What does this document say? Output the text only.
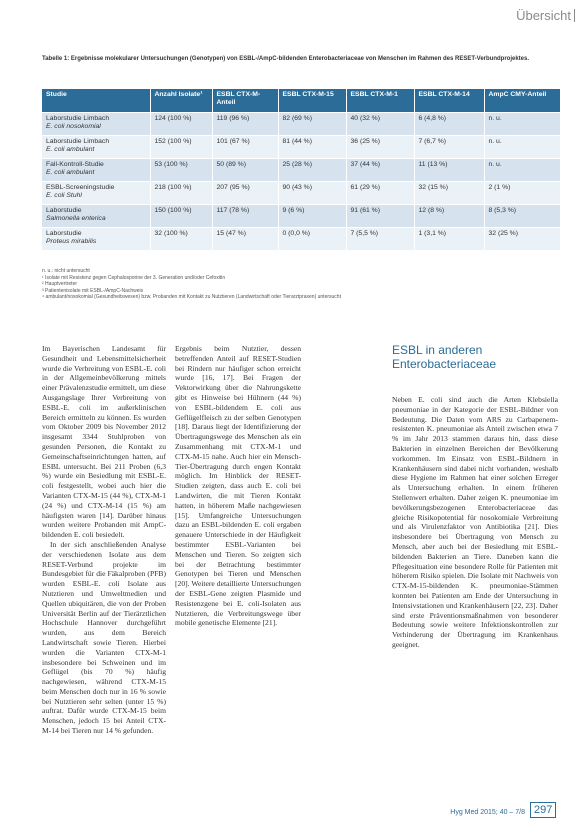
Übersicht
Tabelle 1: Ergebnisse molekularer Untersuchungen (Genotypen) von ESBL-/AmpC-bildenden Enterobacteriaceae von Menschen im Rahmen des RESET-Verbundprojektes.
Studie	Anzahl Isolate¹	ESBL CTX-M-Anteil	ESBL CTX-M-15	ESBL CTX-M-1	ESBL CTX-M-14	AmpC CMY-Anteil

Laborstudie Limbach
E. coli nosokomial	124 (100 %)	119 (96 %)	82 (69 %)	40 (32 %)	6 (4,8 %)	n. u.

Laborstudie Limbach
E. coli ambulant	152 (100 %)	101 (67 %)	81 (44 %)	36 (25 %)	7 (6,7 %)	n. u.

Fall-Kontroll-Studie
E. coli ambulant	53 (100 %)	50 (89 %)	25 (28 %)	37 (44 %)	11 (13 %)	n. u.

ESBL-Screeningstudie
E. coli Stuhl	218 (100 %)	207 (95 %)	90 (43 %)	61 (29 %)	32 (15 %)	2 (1 %)

Laborstudie
Salmonella enterica	150 (100 %)	117 (78 %)	9 (6 %)	91 (61 %)	12 (8 %)	8 (5,3 %)

Laborstudie
Proteus mirabilis	32 (100 %)	15 (47 %)	0 (0,0 %)	7 (5,5 %)	1 (3,1 %)	32 (25 %)
n. u.: nicht untersucht
¹ Isolate mit Resistenz gegen Cephalosporine der 3. Generation und/oder Cefoxitin
² Hauptvertreter
³ Patientenisolate mit ESBL-/AmpC-Nachweis
⁴ ambulant/nosokomial (Gesundheitswesen) bzw. Probanden mit Kontakt zu Nutztieren (Landwirtschaft oder Tierarztpraxen) untersucht

Im Bayerischen Landesamt für Gesundheit und Lebensmittelsicherheit wurde die Verbreitung von ESBL-E. coli in der Allgemeinbevölkerung mittels einer Prävalenzstudie ermittelt, um diese Ausgangslage Ihrer Verbreitung von ESBL-E. coli im außerklinischen Bereich ermitteln zu können. Es wurden vom Oktober 2009 bis November 2012 insgesamt 3344 Stuhlproben von gesunden Personen, die Kontakt zu Gemeinschaftseinrichtungen hatten, auf ESBL untersucht. Bei 211 Proben (6,3 %) wurde ein Besiedlung mit ESBL-E. coli festgestellt, wobei auch hier die Varianten CTX-M-15 (44 %), CTX-M-1 (24 %) und CTX-M-14 (15 %) am häufigsten waren [14]. Darüber hinaus wurden weitere Probanden mit AmpC-bildenden E. coli besiedelt.

In der sich anschließenden Analyse der verschiedenen Isolate aus dem RESET-Verbund projekte im Bundesgebiet für die Fäkalproben (PFB) wurden ESBL-E. coli Isolate aus Nutztieren und Umweltmedien und Quellen ubiquitären, die von der Proben Universität Berlin auf der Tierärztlichen Hochschule Hannover durchgeführt wurden, aus dem Bereich Landwirtschaft sowie Tieren. Hierbei wurden die Varianten CTX-M-1 insbesondere bei Schweinen und im Geflügel (bis 70 %) häufig nachgewiesen, während CTX-M-15 beim Menschen doch nur in 16 % sowie bei Nutztieren sehr selten (unter 15 %) auftrat. Dafür wurde CTX-M-15 beim Menschen, jedoch 15 bei Anteil CTX-M-14 bei Tieren nur 14 % gefunden.

Ergebnis beim Nutztier, dessen betreffenden Anteil auf RESET-Studien bei Rindern nur häufiger schon erreicht wurde [16, 17]. Bei Fragen der Vektorwirkung über die Nahrungskette gibt es Hinweise bei Hühnern (44 %) von ESBL-bildendem E. coli aus Geflügelfleisch zu der selben Genotypen [18]. Daraus liegt der Identifizierung der Übertragungswege des Menschen als ein Zusammenhang mit CTX-M-1 und CTX-M-15 nahe. Auch hier ein Mensch-Tier-Übertragung durch engen Kontakt möglich. Im Hinblick der RESET-Studien zeigten, dass auch E. coli bei Landwirten, die mit Tieren Kontakt hatten, in höherem Maße nachgewiesen [15]. Umfangreiche Untersuchungen dazu an ESBL-bildenden E. coli ergaben genauere Unterschiede in der Häufigkeit bestimmter ESBL-Varianten bei Menschen und Tieren. So zeigten sich bei der Betrachtung bestimmter Genotypen bei Tieren und Menschen [20]. Weitere detaillierte Untersuchungen der ESBL-Gene zeigten Plasmide und Resistenzgene bei E. coli-Isolaten aus Nutztieren, die Verbreitungswege über mobile genetische Elemente [21].

ESBL in anderen Enterobacteriaceae

Neben E. coli sind auch die Arten Klebsiella pneumoniae in der Kategorie der ESBL-Bildner von Bedeutung. Die Daten vom ARS zu Carbapenem-resistenten K. pneumoniae als Anteil zwischen etwa 7 % im Jahr 2013 stammen daraus hin, dass diese Bakterien in einzelnen Bereichen der Bevölkerung vorkommen. Im Einsatz von ESBL-Bildnern in Krankenhäusern sind dabei nicht vorhanden, weshalb diese Hygiene im Rahmen hat einer solchen Erreger als Untersuchung erhalten. In einem früheren Stellenwert erhalten. Daher zeigen K. pneumoniae im bevölkerungsbezogenen Enterobacteriaceae das gleiche Risikopotential für nosokomiale Verbreitung und als Virulenzfaktor von Antibiotika [21]. Dies insbesondere bei Übertragung von Mensch zu Mensch, aber auch bei der Besiedlung mit ESBL-bildenden Bakterien an Tiere. Daneben kann die Pflegesituation eine besondere Rolle für Patienten mit höherem Risiko spielen. Die Isolate mit Nachweis von CTX-M-15-bildenden K. pneumoniae-Stämmen konnten bei Patienten am Ende der Untersuchung in Intensivstationen und Krankenhäusern [22, 23]. Daher sind erste Präventionsmaßnahmen von besonderer Bedeutung sowie weitere Infektionskontrollen zur Verhinderung der Übertragung im Krankenhaus geeignet.

Hyg Med 2015; 40 – 7/8 297
